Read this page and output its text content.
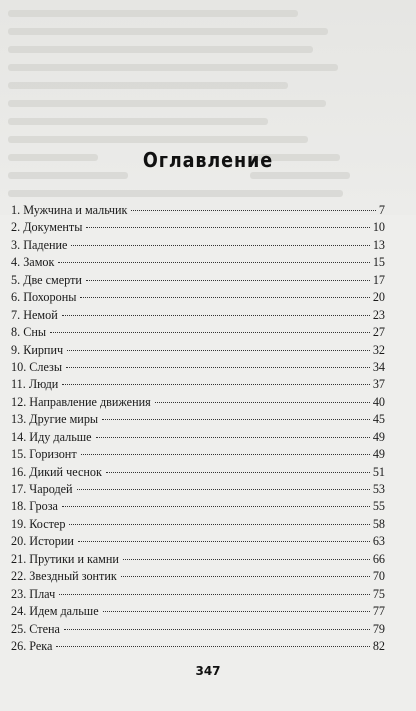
Оглавление
1. Мужчина и мальчик	7
2. Документы	10
3. Падение	13
4. Замок	15
5. Две смерти	17
6. Похороны	20
7. Немой	23
8. Сны	27
9. Кирпич	32
10. Слезы	34
11. Люди	37
12. Направление движения	40
13. Другие миры	45
14. Иду дальше	49
15. Горизонт	49
16. Дикий чеснок	51
17. Чародей	53
18. Гроза	55
19. Костер	58
20. Истории	63
21. Прутики и камни	66
22. Звездный зонтик	70
23. Плач	75
24. Идем дальше	77
25. Стена	79
26. Река	82
347
